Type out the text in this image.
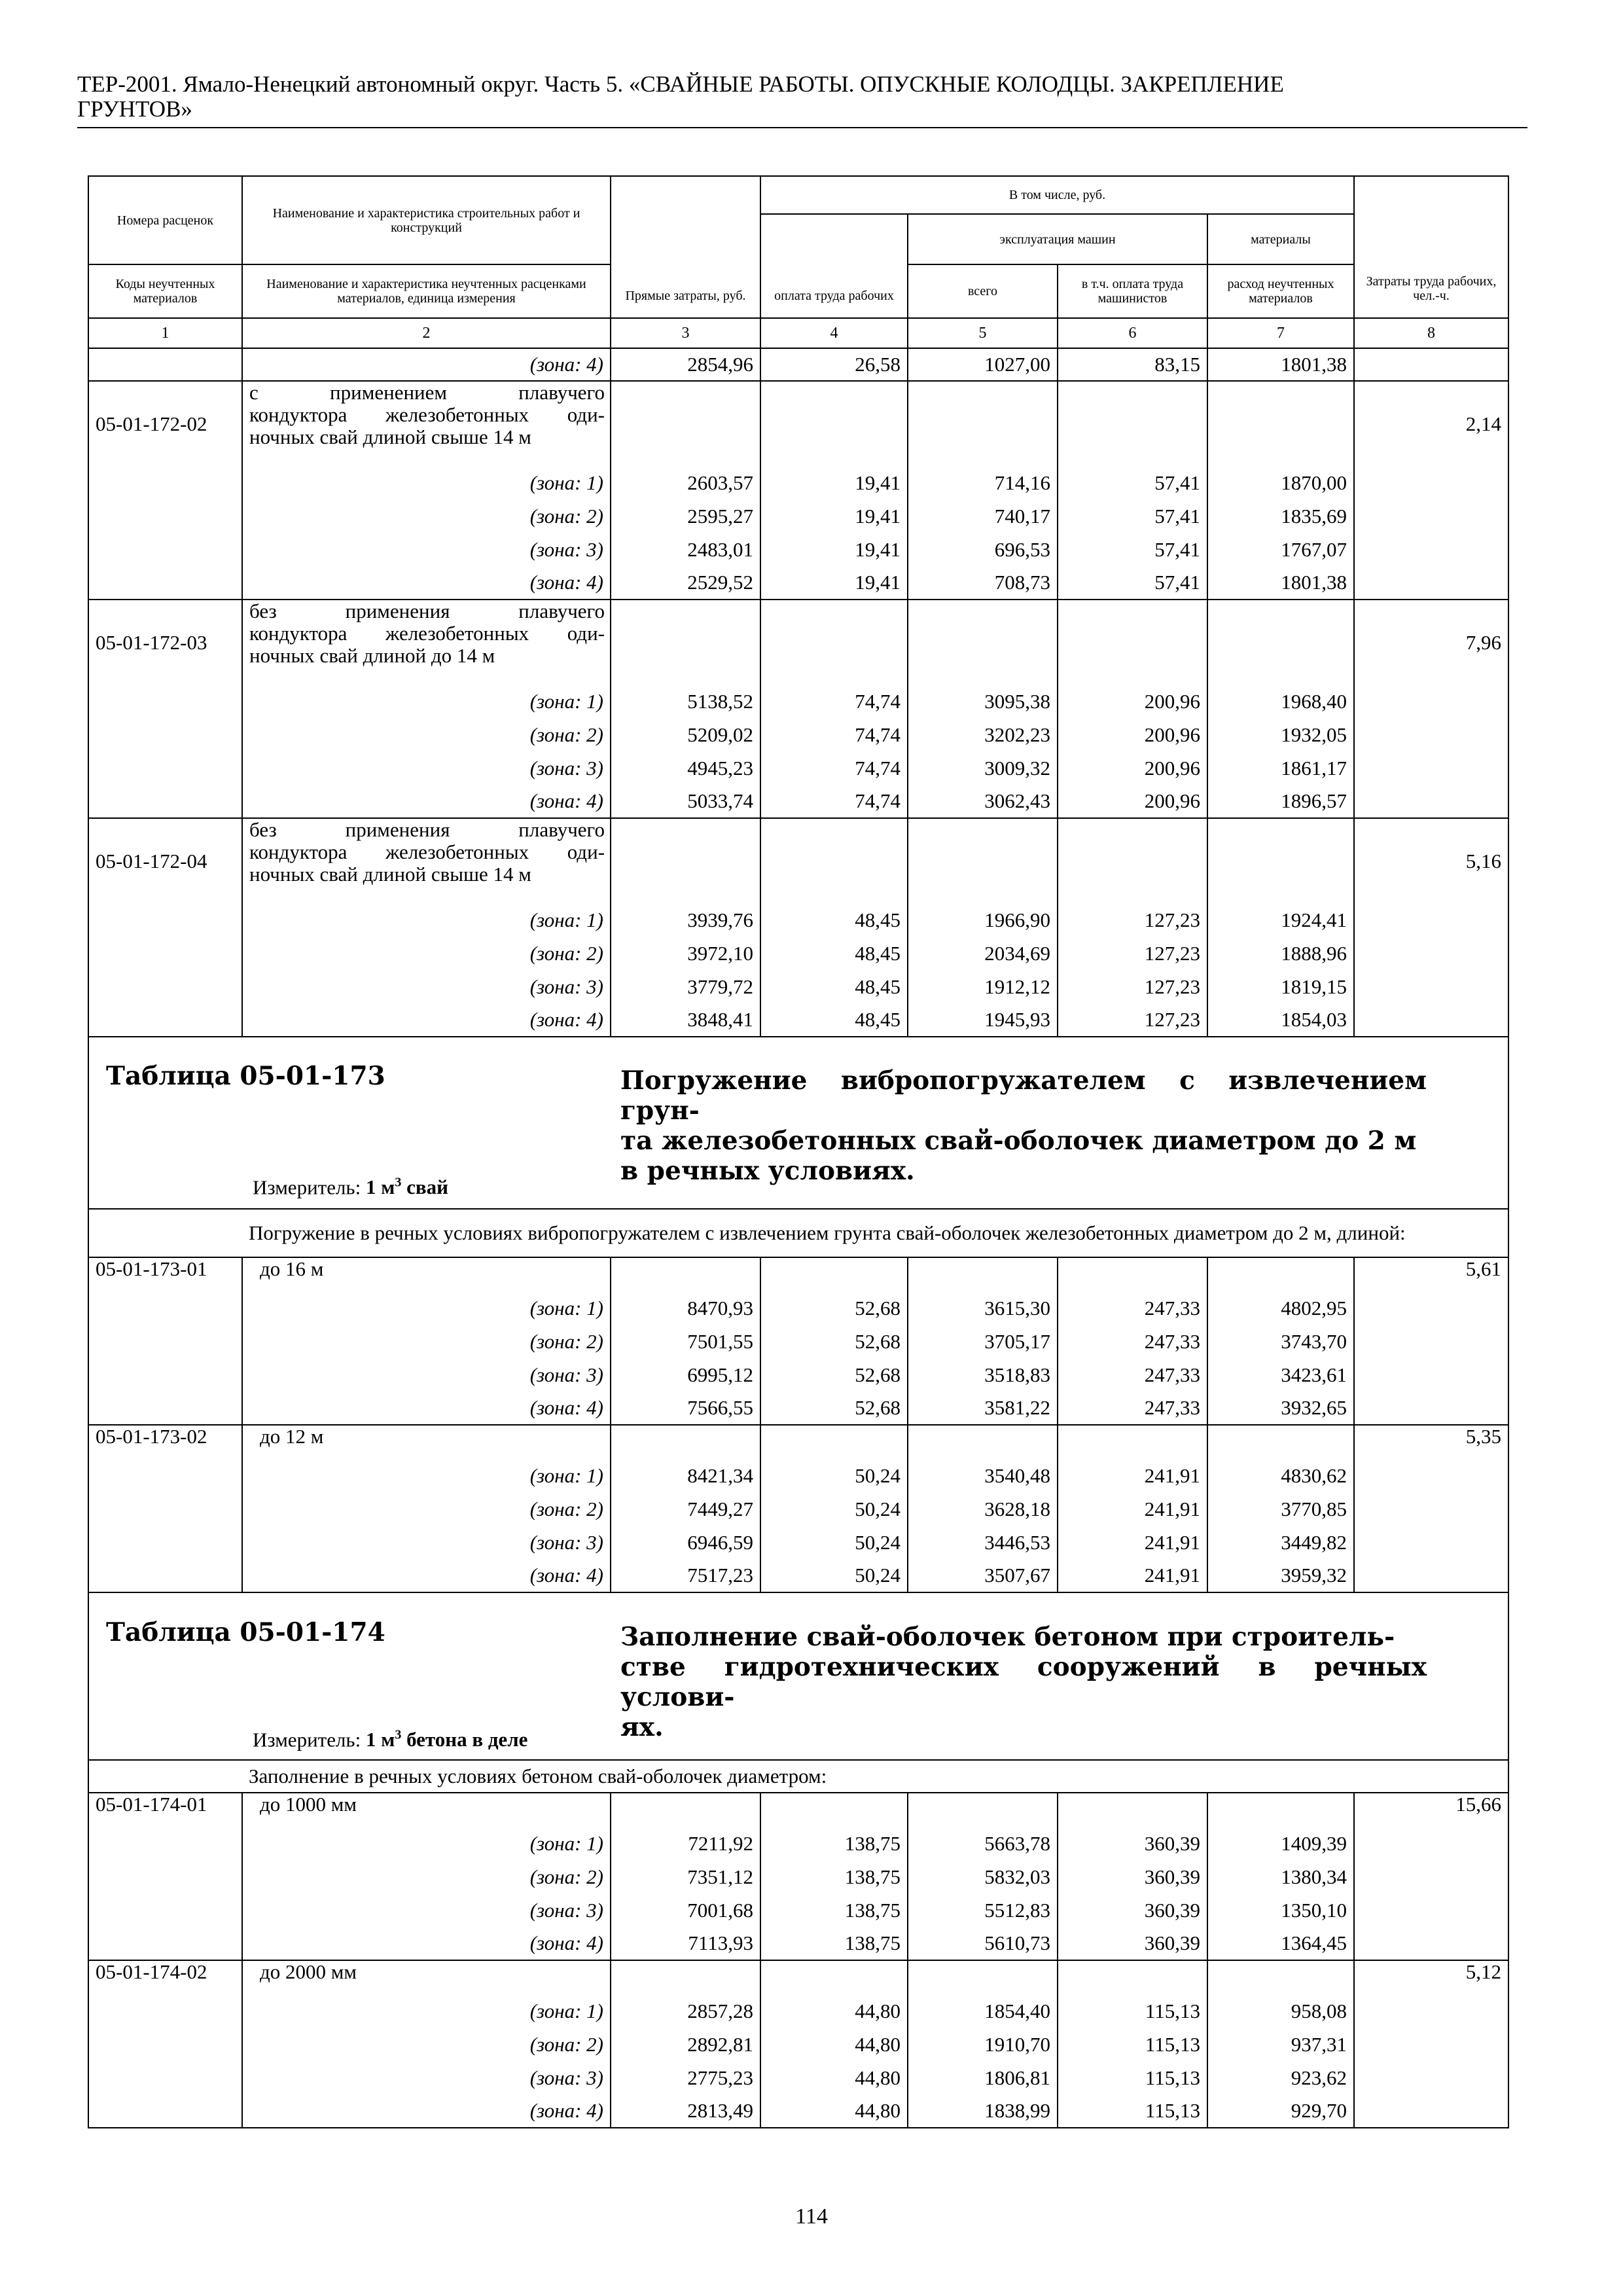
ТЕР-2001. Ямало-Ненецкий автономный округ. Часть 5. «СВАЙНЫЕ РАБОТЫ. ОПУСКНЫЕ КОЛОДЦЫ. ЗАКРЕПЛЕНИЕ
ГРУНТОВ»
Номера расценок	Наименование и характеристика строительных работ и конструкций	Прямые затраты, руб.	В том числе, руб.				Затраты труда рабочих, чел.-ч.
			оплата труда рабочих	эксплуатация машин		материалы	
Коды неучтенных материалов	Наименование и характеристика неучтенных расценками материалов, единица измерения			всего	в т.ч. оплата труда машинистов	расход неучтенных материалов	
1	2	3	4	5	6	7	8
	(зона: 4)	2854,96	26,58	1027,00	83,15	1801,38	
05-01-172-02	с применением плавучего
кондуктора железобетонных оди-
ночных свай длиной свыше 14 м						2,14
	(зона: 1)	2603,57	19,41	714,16	57,41	1870,00	
	(зона: 2)	2595,27	19,41	740,17	57,41	1835,69	
	(зона: 3)	2483,01	19,41	696,53	57,41	1767,07	
	(зона: 4)	2529,52	19,41	708,73	57,41	1801,38	
05-01-172-03	без применения плавучего
кондуктора железобетонных оди-
ночных свай длиной до 14 м						7,96
	(зона: 1)	5138,52	74,74	3095,38	200,96	1968,40	
	(зона: 2)	5209,02	74,74	3202,23	200,96	1932,05	
	(зона: 3)	4945,23	74,74	3009,32	200,96	1861,17	
	(зона: 4)	5033,74	74,74	3062,43	200,96	1896,57	
05-01-172-04	без применения плавучего
кондуктора железобетонных оди-
ночных свай длиной свыше 14 м						5,16
	(зона: 1)	3939,76	48,45	1966,90	127,23	1924,41	
	(зона: 2)	3972,10	48,45	2034,69	127,23	1888,96	
	(зона: 3)	3779,72	48,45	1912,12	127,23	1819,15	
	(зона: 4)	3848,41	48,45	1945,93	127,23	1854,03	

Таблица 05-01-173 Погружение вибропогружателем с извлечением грун-
та железобетонных свай-оболочек диаметром до 2 м
в речных условиях.
Измеритель: 1 $м^3$ свай							

	Погружение в речных условиях вибропогружателем с извлечением грунта свай-оболочек железобетонных диаметром до 2 м, длиной:						
05-01-173-01	до 16 м						5,61
	(зона: 1)	8470,93	52,68	3615,30	247,33	4802,95	
	(зона: 2)	7501,55	52,68	3705,17	247,33	3743,70	
	(зона: 3)	6995,12	52,68	3518,83	247,33	3423,61	
	(зона: 4)	7566,55	52,68	3581,22	247,33	3932,65	
05-01-173-02	до 12 м						5,35
	(зона: 1)	8421,34	50,24	3540,48	241,91	4830,62	
	(зона: 2)	7449,27	50,24	3628,18	241,91	3770,85	
	(зона: 3)	6946,59	50,24	3446,53	241,91	3449,82	
	(зона: 4)	7517,23	50,24	3507,67	241,91	3959,32	

Таблица 05-01-174 Заполнение свай-оболочек бетоном при строитель-
стве гидротехнических сооружений в речных услови-
ях.
Измеритель: 1 $м^3$ бетона в деле							

	Заполнение в речных условиях бетоном свай-оболочек диаметром:						
05-01-174-01	до 1000 мм						15,66
	(зона: 1)	7211,92	138,75	5663,78	360,39	1409,39	
	(зона: 2)	7351,12	138,75	5832,03	360,39	1380,34	
	(зона: 3)	7001,68	138,75	5512,83	360,39	1350,10	
	(зона: 4)	7113,93	138,75	5610,73	360,39	1364,45	
05-01-174-02	до 2000 мм						5,12
	(зона: 1)	2857,28	44,80	1854,40	115,13	958,08	
	(зона: 2)	2892,81	44,80	1910,70	115,13	937,31	
	(зона: 3)	2775,23	44,80	1806,81	115,13	923,62	
	(зона: 4)	2813,49	44,80	1838,99	115,13	929,70	
114
